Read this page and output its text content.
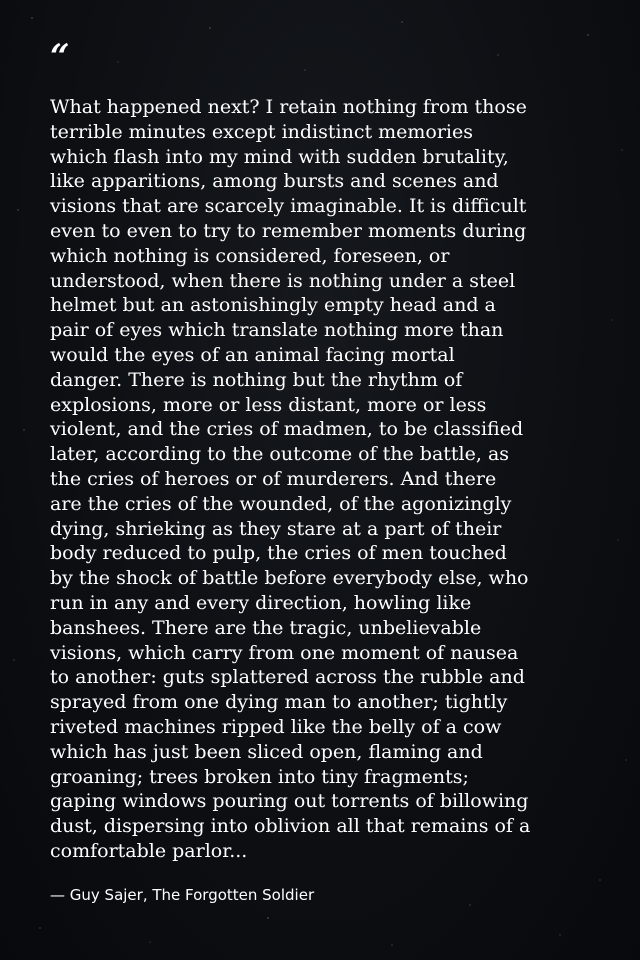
“

What happened next? I retain nothing from those
terrible minutes except indistinct memories
which flash into my mind with sudden brutality,
like apparitions, among bursts and scenes and
visions that are scarcely imaginable. It is difficult
even to even to try to remember moments during
which nothing is considered, foreseen, or
understood, when there is nothing under a steel
helmet but an astonishingly empty head and a
pair of eyes which translate nothing more than
would the eyes of an animal facing mortal
danger. There is nothing but the rhythm of
explosions, more or less distant, more or less
violent, and the cries of madmen, to be classified
later, according to the outcome of the battle, as
the cries of heroes or of murderers. And there
are the cries of the wounded, of the agonizingly
dying, shrieking as they stare at a part of their
body reduced to pulp, the cries of men touched
by the shock of battle before everybody else, who
run in any and every direction, howling like
banshees. There are the tragic, unbelievable
visions, which carry from one moment of nausea
to another: guts splattered across the rubble and
sprayed from one dying man to another; tightly
riveted machines ripped like the belly of a cow
which has just been sliced open, flaming and
groaning; trees broken into tiny fragments;
gaping windows pouring out torrents of billowing
dust, dispersing into oblivion all that remains of a
comfortable parlor...

— Guy Sajer, The Forgotten Soldier
